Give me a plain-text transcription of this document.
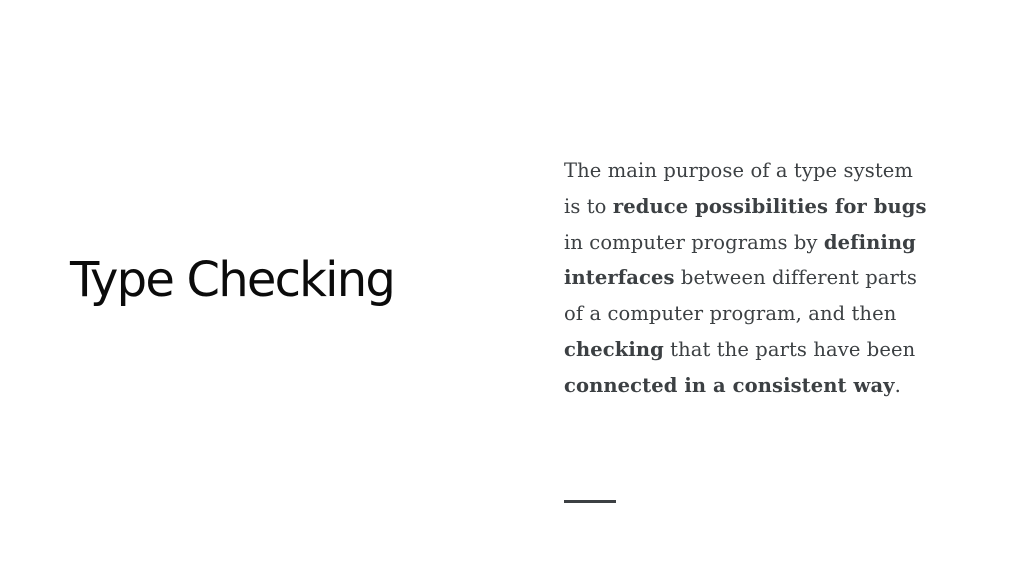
Type Checking
The main purpose of a type system
is to reduce possibilities for bugs
in computer programs by defining
interfaces between different parts
of a computer program, and then
checking that the parts have been
connected in a consistent way.
